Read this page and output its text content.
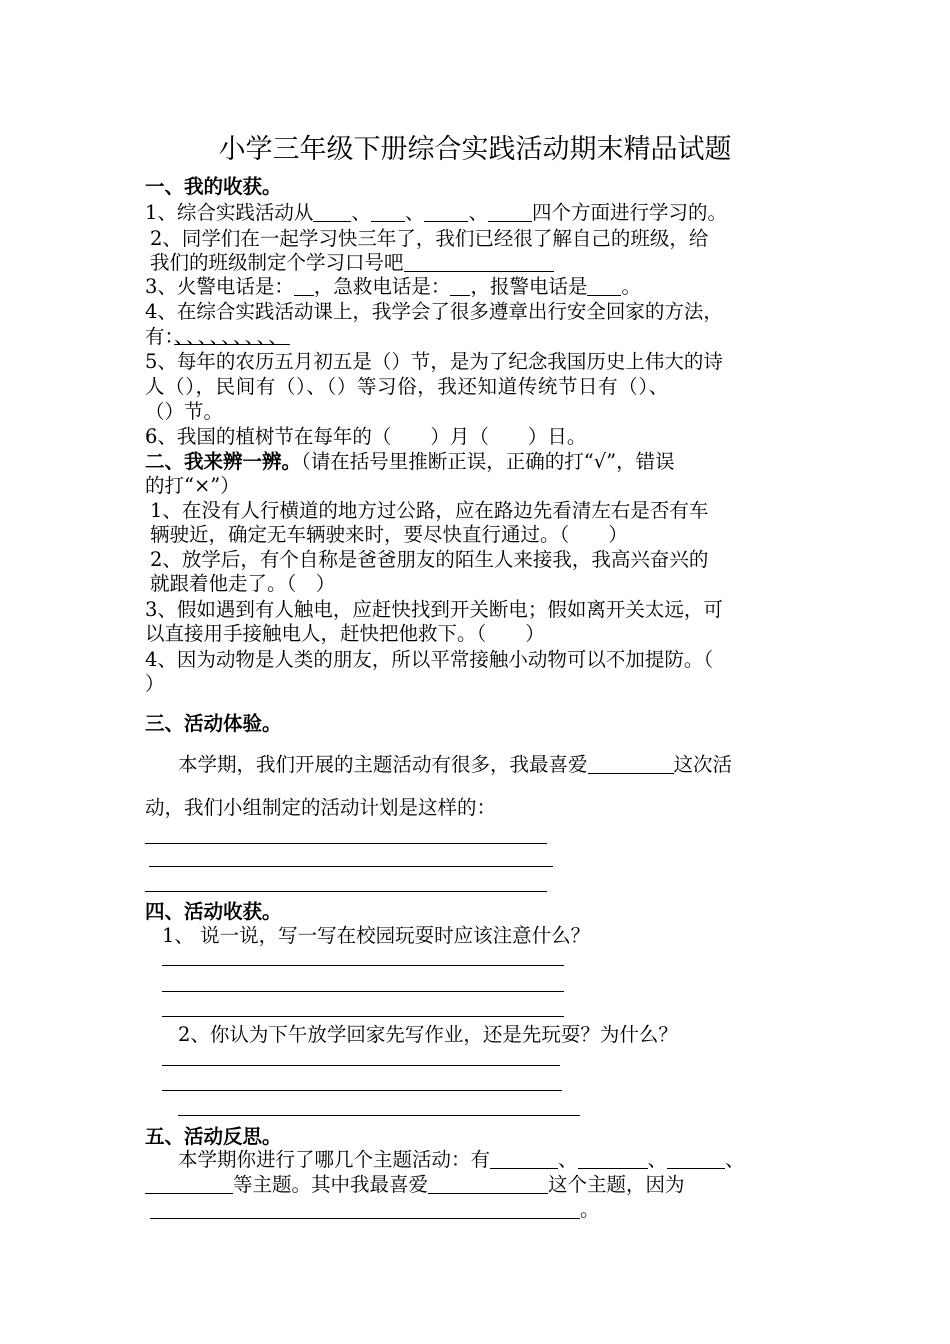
小学三年级下册综合实践活动期末精品试题
一、我的收获。
1、综合实践活动从 、 、 、 四个方面进行学习的。
2、同学们在一起学习快三年了，我们已经很了解自己的班级，给
我们的班级制定个学习口号吧
3、火警电话是： ，急救电话是： ，报警电话是 。
4、在综合实践活动课上，我学会了很多遵章出行安全回家的方法，
有：、、、、、、、、、
5、每年的农历五月初五是（）节，是为了纪念我国历史上伟大的诗
人（），民间有（）、（）等习俗，我还知道传统节日有（）、
（）节。
6、我国的植树节在每年的（　　）月（　　）日。
二、我来辨一辨。（请在括号里推断正误，正确的打“√”，错误
的打“×”）
1、在没有人行横道的地方过公路，应在路边先看清左右是否有车
辆驶近，确定无车辆驶来时，要尽快直行通过。（　　）
2、放学后，有个自称是爸爸朋友的陌生人来接我，我高兴奋兴的
就跟着他走了。（　）
3、假如遇到有人触电，应赶快找到开关断电；假如离开关太远，可
以直接用手接触电人，赶快把他救下。（　　）
4、因为动物是人类的朋友，所以平常接触小动物可以不加提防。（
）
三、活动体验。
本学期，我们开展的主题活动有很多，我最喜爱	这次活
动，我们小组制定的活动计划是这样的：
四、活动收获。
1、 说一说，写一写在校园玩耍时应该注意什么？
2、你认为下午放学回家先写作业，还是先玩耍？为什么？
五、活动反思。
本学期你进行了哪几个主题活动：有	、	、	、
等主题。其中我最喜爱	这个主题，因为
。
